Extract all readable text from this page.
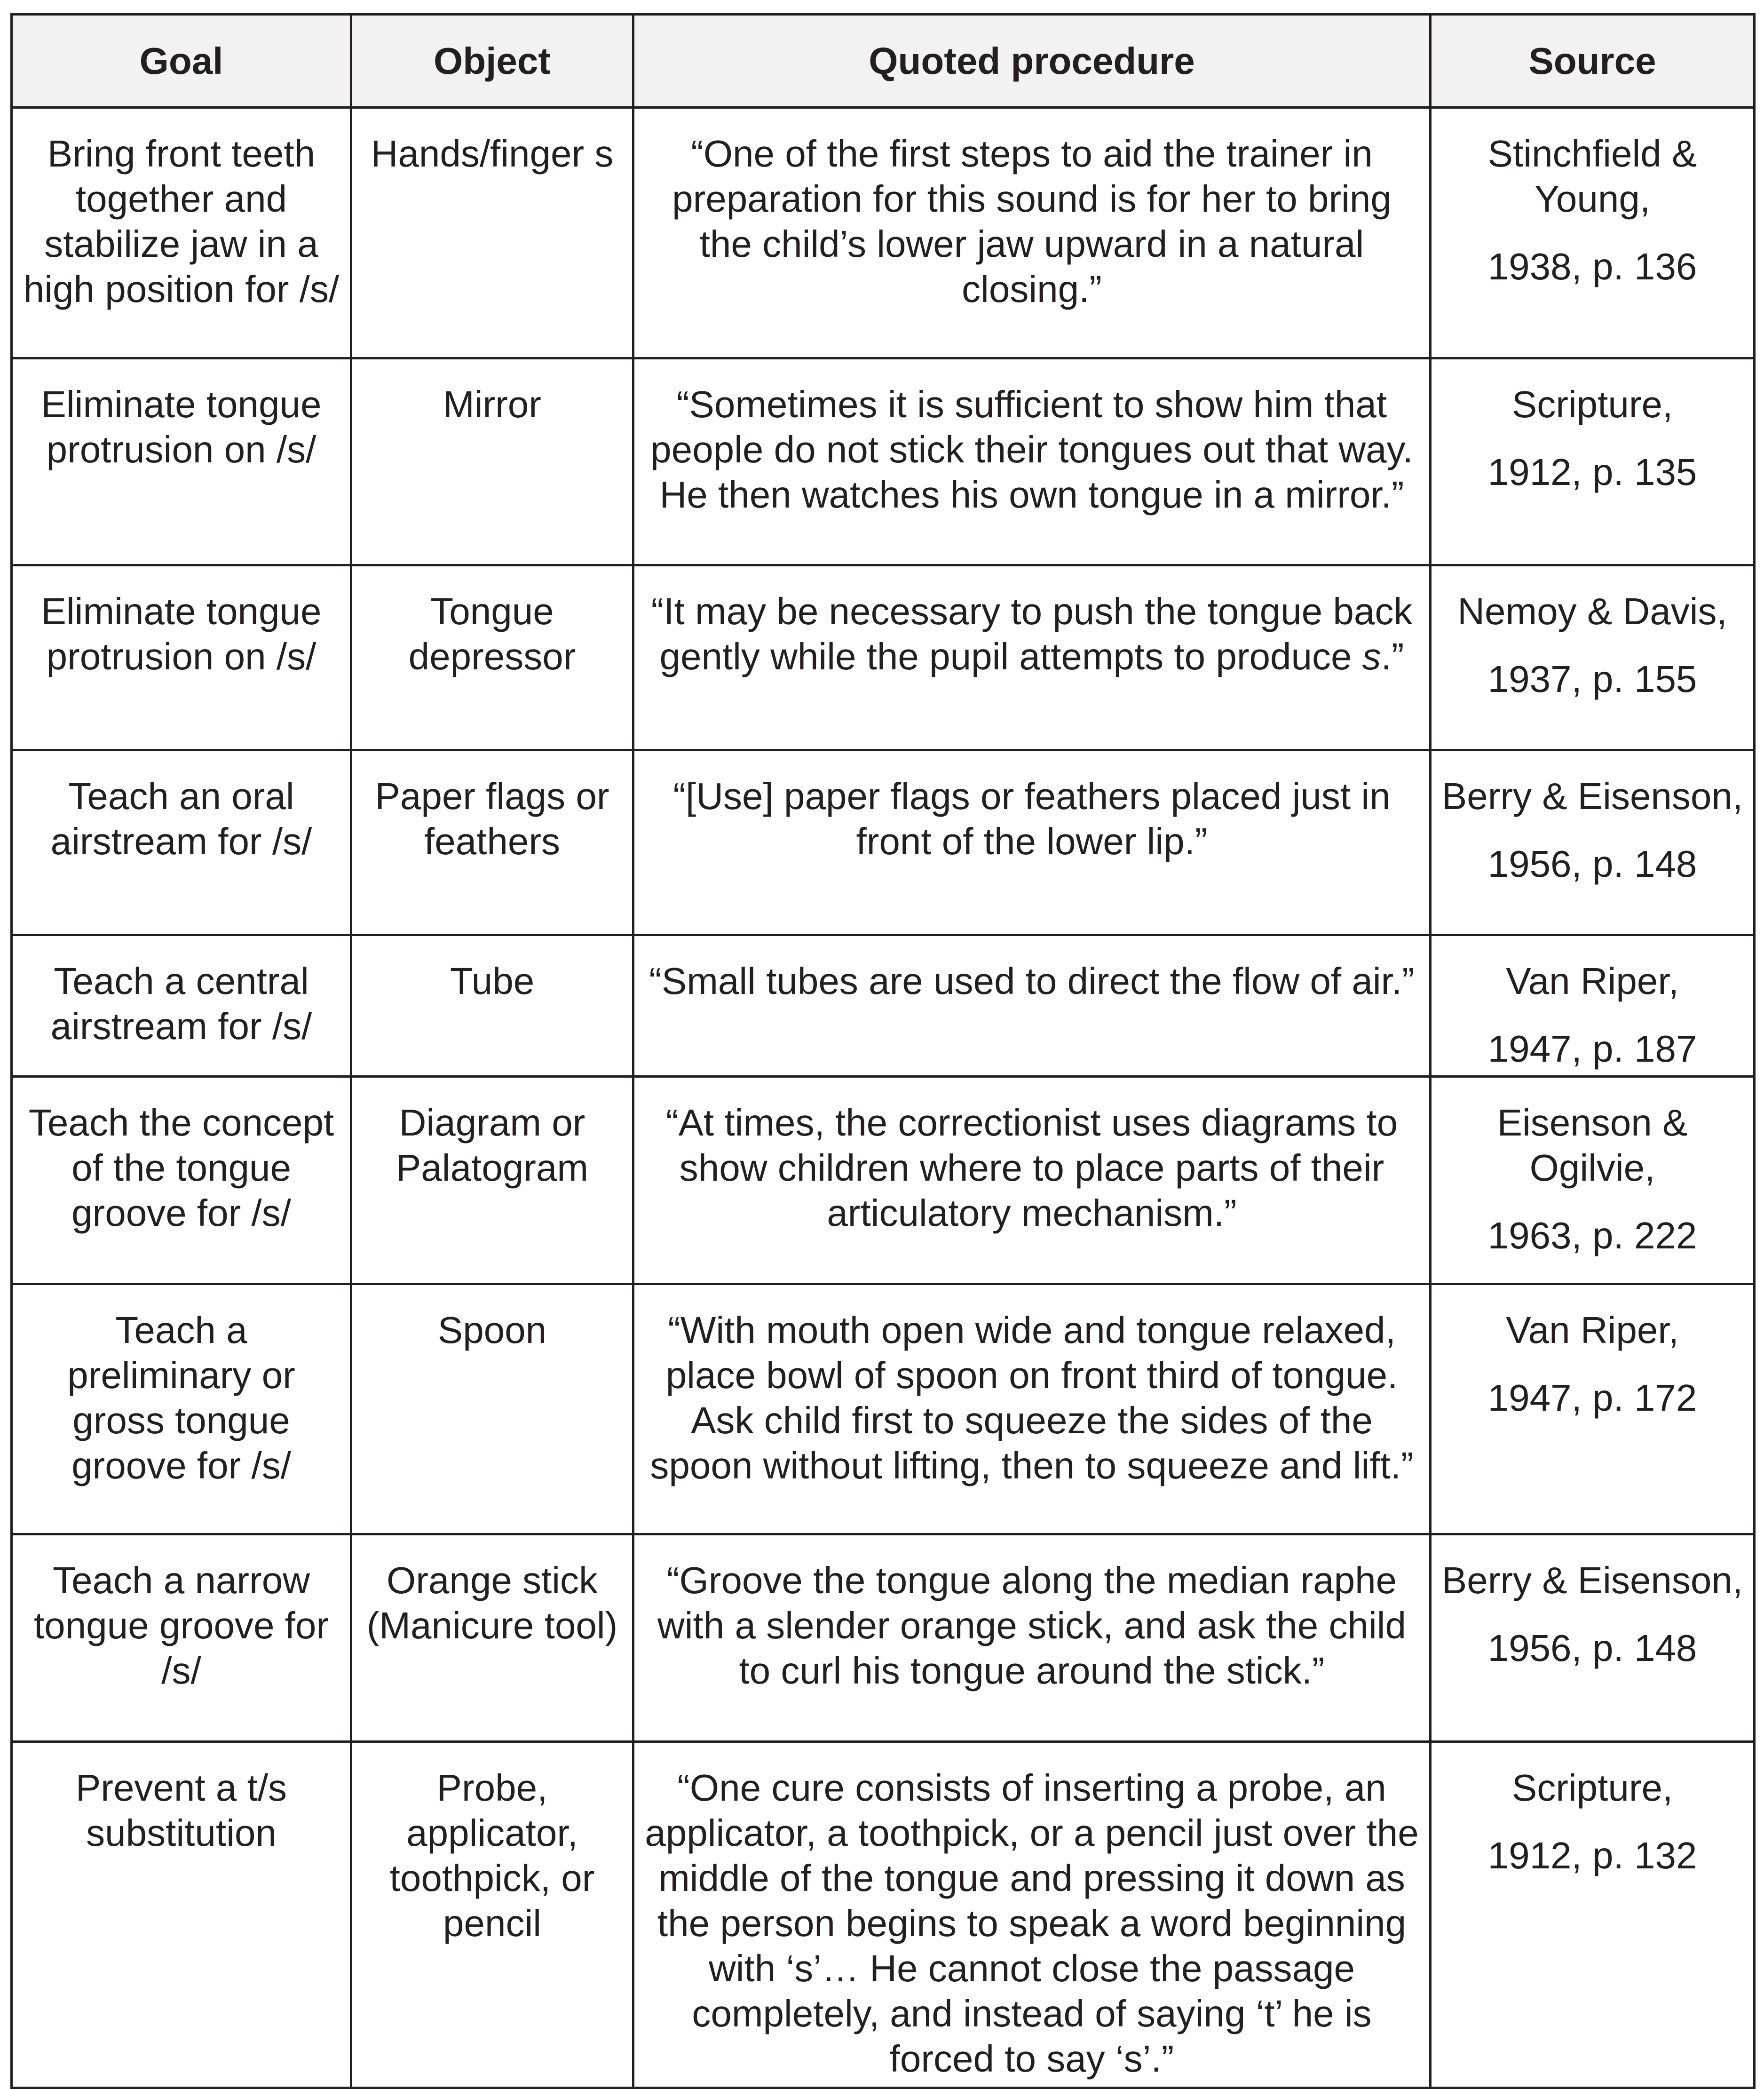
Goal	Object	Quoted procedure	Source
Bring front teeth together and stabilize jaw in a high position for /s/	Hands/finger s	“One of the first steps to aid the trainer in preparation for this sound is for her to bring the child’s lower jaw upward in a natural closing.”	Stinchfield & Young,
1938, p. 136

Eliminate tongue protrusion on /s/	Mirror	“Sometimes it is sufficient to show him that people do not stick their tongues out that way. He then watches his own tongue in a mirror.”	Scripture,
1912, p. 135

Eliminate tongue protrusion on /s/	Tongue depressor	“It may be necessary to push the tongue back gently while the pupil attempts to produce s.”	Nemoy & Davis,
1937, p. 155

Teach an oral airstream for /s/	Paper flags or feathers	“[Use] paper flags or feathers placed just in front of the lower lip.”	Berry & Eisenson,
1956, p. 148

Teach a central airstream for /s/	Tube	“Small tubes are used to direct the flow of air.”	Van Riper,
1947, p. 187

Teach the concept of the tongue groove for /s/	Diagram or Palatogram	“At times, the correctionist uses diagrams to show children where to place parts of their articulatory mechanism.”	Eisenson & Ogilvie,
1963, p. 222

Teach a preliminary or gross tongue groove for /s/	Spoon	“With mouth open wide and tongue relaxed, place bowl of spoon on front third of tongue. Ask child first to squeeze the sides of the spoon without lifting, then to squeeze and lift.”	Van Riper,
1947, p. 172

Teach a narrow tongue groove for /s/	Orange stick (Manicure tool)	“Groove the tongue along the median raphe with a slender orange stick, and ask the child to curl his tongue around the stick.”	Berry & Eisenson,
1956, p. 148

Prevent a t/s substitution	Probe, applicator, toothpick, or pencil	“One cure consists of inserting a probe, an applicator, a toothpick, or a pencil just over the middle of the tongue and pressing it down as the person begins to speak a word beginning with ‘s’… He cannot close the passage completely, and instead of saying ‘t’ he is forced to say ‘s’.”	Scripture,
1912, p. 132
